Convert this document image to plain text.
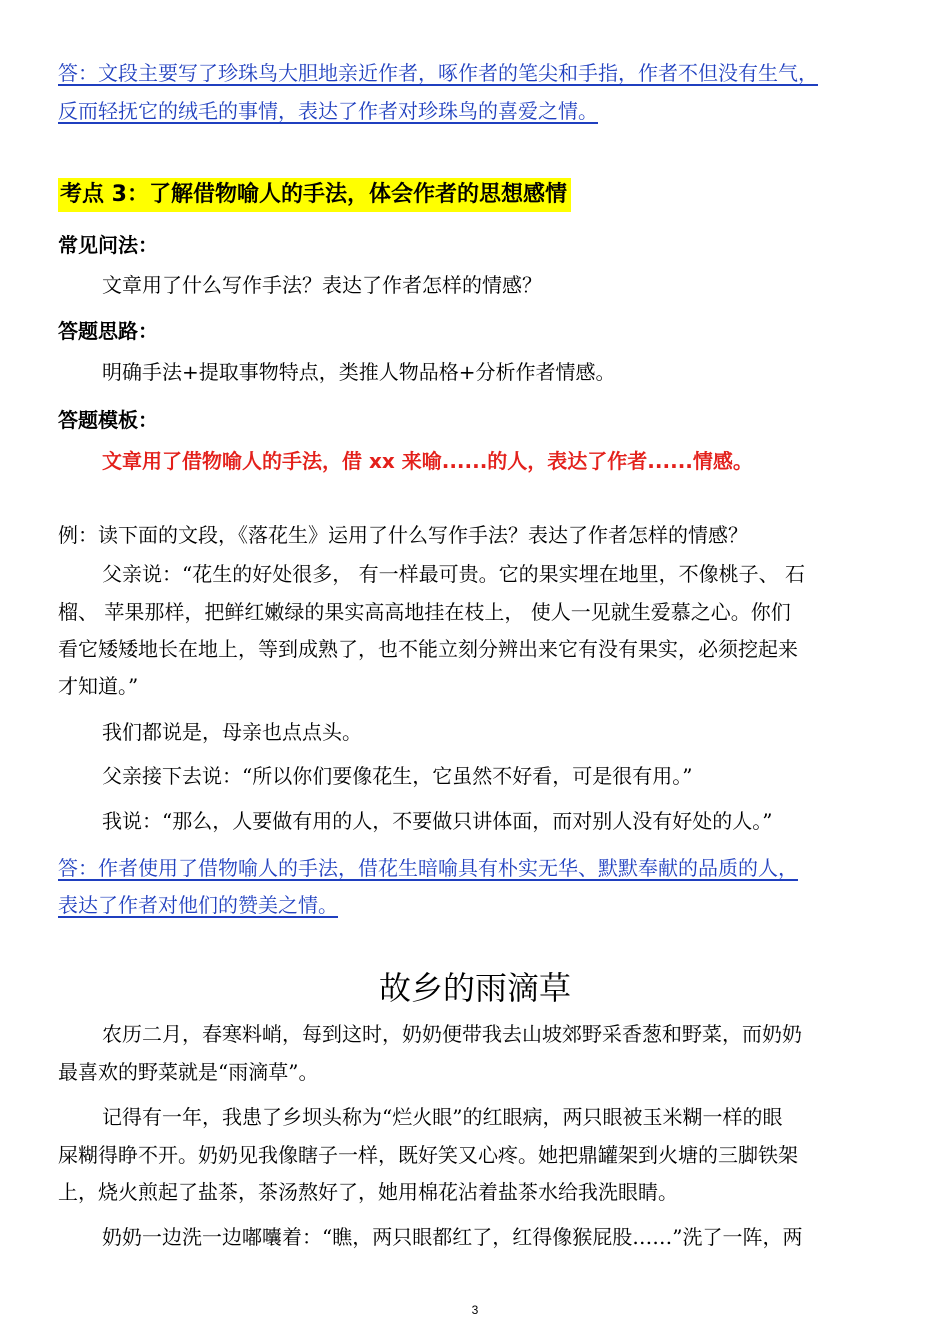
答：文段主要写了珍珠鸟大胆地亲近作者，啄作者的笔尖和手指，作者不但没有生气，
反而轻抚它的绒毛的事情，表达了作者对珍珠鸟的喜爱之情。
考点 3：了解借物喻人的手法，体会作者的思想感情
常见问法：
文章用了什么写作手法？表达了作者怎样的情感？
答题思路：
明确手法+提取事物特点，类推人物品格+分析作者情感。
答题模板：
文章用了借物喻人的手法，借 xx 来喻......的人，表达了作者......情感。
例：读下面的文段，《落花生》运用了什么写作手法？表达了作者怎样的情感？
父亲说：“花生的好处很多， 有一样最可贵。它的果实埋在地里，不像桃子、 石
榴、 苹果那样，把鲜红嫩绿的果实高高地挂在枝上， 使人一见就生爱慕之心。你们
看它矮矮地长在地上，等到成熟了，也不能立刻分辨出来它有没有果实，必须挖起来
才知道。”
我们都说是，母亲也点点头。
父亲接下去说：“所以你们要像花生，它虽然不好看，可是很有用。”
我说：“那么，人要做有用的人，不要做只讲体面，而对别人没有好处的人。”
答：作者使用了借物喻人的手法，借花生暗喻具有朴实无华、默默奉献的品质的人，
表达了作者对他们的赞美之情。
故乡的雨滴草
农历二月，春寒料峭，每到这时，奶奶便带我去山坡郊野采香葱和野菜，而奶奶
最喜欢的野菜就是“雨滴草”。
记得有一年，我患了乡坝头称为“烂火眼”的红眼病，两只眼被玉米糊一样的眼
屎糊得睁不开。奶奶见我像瞎子一样，既好笑又心疼。她把鼎罐架到火塘的三脚铁架
上，烧火煎起了盐茶，茶汤熬好了，她用棉花沾着盐茶水给我洗眼睛。
奶奶一边洗一边嘟囔着：“瞧，两只眼都红了，红得像猴屁股……”洗了一阵，两
3
